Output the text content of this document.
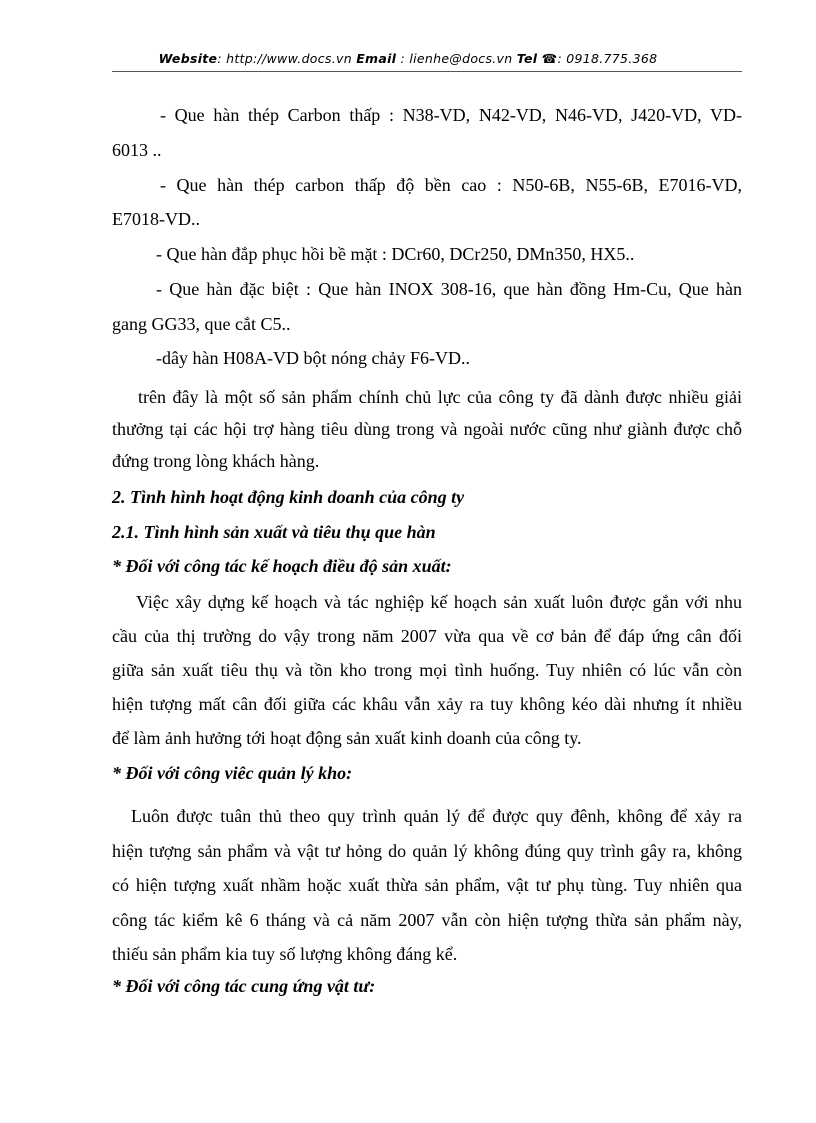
Website: http://www.docs.vn Email : lienhe@docs.vn Tel ☎: 0918.775.368
- Que hàn thép Carbon thấp : N38-VD, N42-VD, N46-VD, J420-VD, VD-
6013 ..
- Que hàn thép carbon thấp độ bền cao : N50-6B, N55-6B, E7016-VD,
E7018-VD..
- Que hàn đắp phục hồi bề mặt : DCr60, DCr250, DMn350, HX5..
- Que hàn đặc biệt : Que hàn INOX 308-16, que hàn đồng Hm-Cu, Que hàn
gang GG33, que cắt C5..
-dây hàn H08A-VD bột nóng chảy F6-VD..
trên đây là một số sản phẩm chính chủ lực của công ty đã dành được nhiều giải
thưởng tại các hội trợ hàng tiêu dùng trong và ngoài nước cũng như giành được chỗ
đứng trong lòng khách hàng.
2. Tình hình hoạt động kinh doanh của công ty
2.1. Tình hình sản xuất và tiêu thụ que hàn
* Đối với công tác kế hoạch điều độ sản xuất:
Việc xây dựng kế hoạch và tác nghiệp kế hoạch sản xuất luôn được gắn với nhu
cầu của thị trường do vậy trong năm 2007 vừa qua về cơ bản để đáp ứng cân đối
giữa sản xuất tiêu thụ và tồn kho trong mọi tình huống. Tuy nhiên có lúc vẫn còn
hiện tượng mất cân đối giữa các khâu vẫn xảy ra tuy không kéo dài nhưng ít nhiều
để làm ảnh hưởng tới hoạt động sản xuất kinh doanh của công ty.
* Đối với công viêc quản lý kho:
Luôn được tuân thủ theo quy trình quản lý để được quy đênh, không để xảy ra
hiện tượng sản phẩm và vật tư hỏng do quản lý không đúng quy trình gây ra, không
có hiện tượng xuất nhầm hoặc xuất thừa sản phẩm, vật tư phụ tùng. Tuy nhiên qua
công tác kiểm kê 6 tháng và cả năm 2007 vẫn còn hiện tượng thừa sản phẩm này,
thiếu sản phẩm kia tuy số lượng không đáng kể.
* Đối với công tác cung ứng vật tư:
